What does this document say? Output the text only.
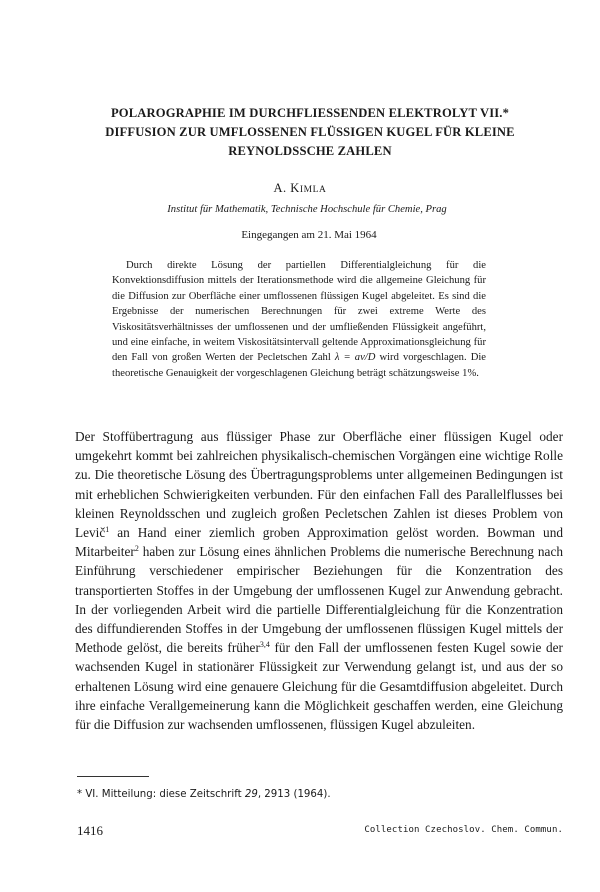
POLAROGRAPHIE IM DURCHFLIESSENDEN ELEKTROLYT VII.*
DIFFUSION ZUR UMFLOSSENEN FLÜSSIGEN KUGEL FÜR KLEINE
REYNOLDSSCHE ZAHLEN
A. KIMLA
Institut für Mathematik, Technische Hochschule für Chemie, Prag
Eingegangen am 21. Mai 1964

Durch direkte Lösung der partiellen Differentialgleichung für die Konvektionsdiffusion mittels der Iterationsmethode wird die allgemeine Gleichung für die Diffusion zur Oberfläche einer umflossenen flüssigen Kugel abgeleitet. Es sind die Ergebnisse der numerischen Berechnungen für zwei extreme Werte des Viskositätsverhältnisses der umflossenen und der umfließenden Flüssigkeit angeführt, und eine einfache, in weitem Viskositätsintervall geltende Approximationsgleichung für den Fall von großen Werten der Pecletschen Zahl λ = av/D wird vorgeschlagen. Die theoretische Genauigkeit der vorgeschlagenen Gleichung beträgt schätzungsweise 1%.

Der Stoffübertragung aus flüssiger Phase zur Oberfläche einer flüssigen Kugel oder umgekehrt kommt bei zahlreichen physikalisch-chemischen Vorgängen eine wichtige Rolle zu. Die theoretische Lösung des Übertragungsproblems unter allgemeinen Bedingungen ist mit erheblichen Schwierigkeiten verbunden. Für den einfachen Fall des Parallelflusses bei kleinen Reynoldsschen und zugleich großen Pecletschen Zahlen ist dieses Problem von Levič$^1$ an Hand einer ziemlich groben Approximation gelöst worden. Bowman und Mitarbeiter$^2$ haben zur Lösung eines ähnlichen Problems die numerische Berechnung nach Einführung verschiedener empirischer Beziehungen für die Konzentration des transportierten Stoffes in der Umgebung der umflossenen Kugel zur Anwendung gebracht. In der vorliegenden Arbeit wird die partielle Differentialgleichung für die Konzentration des diffundierenden Stoffes in der Umgebung der umflossenen flüssigen Kugel mittels der Methode gelöst, die bereits früher$^{3,4}$ für den Fall der umflossenen festen Kugel sowie der wachsenden Kugel in stationärer Flüssigkeit zur Verwendung gelangt ist, und aus der so erhaltenen Lösung wird eine genauere Gleichung für die Gesamtdiffusion abgeleitet. Durch ihre einfache Verallgemeinerung kann die Möglichkeit geschaffen werden, eine Gleichung für die Diffusion zur wachsenden umflossenen, flüssigen Kugel abzuleiten.

* VI. Mitteilung: diese Zeitschrift 29, 2913 (1964).
1416	Collection Czechoslov. Chem. Commun.
